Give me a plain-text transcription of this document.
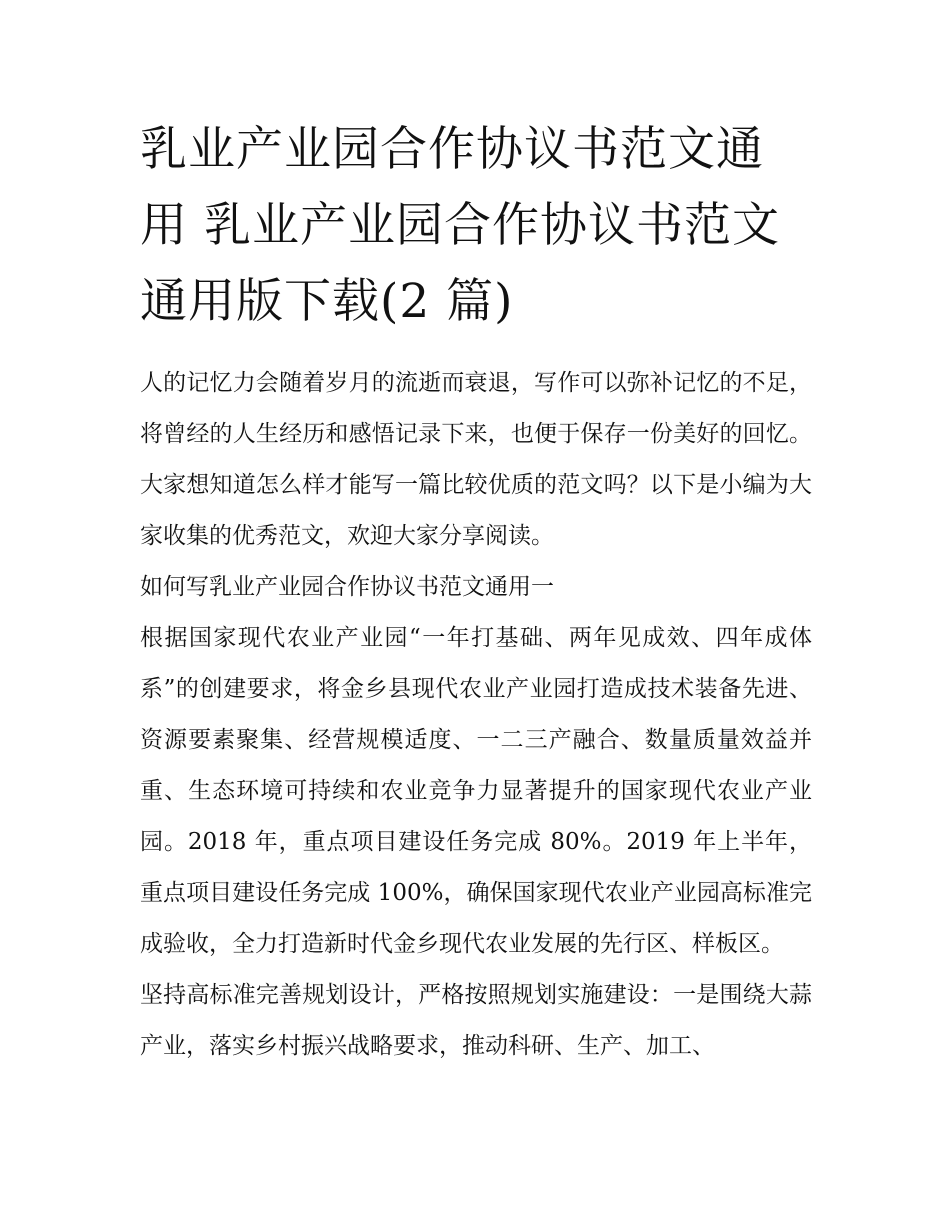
乳业产业园合作协议书范文通
用 乳业产业园合作协议书范文
通用版下载(2 篇)

人的记忆力会随着岁月的流逝而衰退，写作可以弥补记忆的不足，将曾经的人生经历和感悟记录下来，也便于保存一份美好的回忆。大家想知道怎么样才能写一篇比较优质的范文吗？以下是小编为大家收集的优秀范文，欢迎大家分享阅读。

如何写乳业产业园合作协议书范文通用一

根据国家现代农业产业园“一年打基础、两年见成效、四年成体系”的创建要求，将金乡县现代农业产业园打造成技术装备先进、资源要素聚集、经营规模适度、一二三产融合、数量质量效益并重、生态环境可持续和农业竞争力显著提升的国家现代农业产业园。2018 年，重点项目建设任务完成 80%。2019 年上半年，重点项目建设任务完成 100%，确保国家现代农业产业园高标准完成验收，全力打造新时代金乡现代农业发展的先行区、样板区。

坚持高标准完善规划设计，严格按照规划实施建设：一是围绕大蒜产业，落实乡村振兴战略要求，推动科研、生产、加工、
